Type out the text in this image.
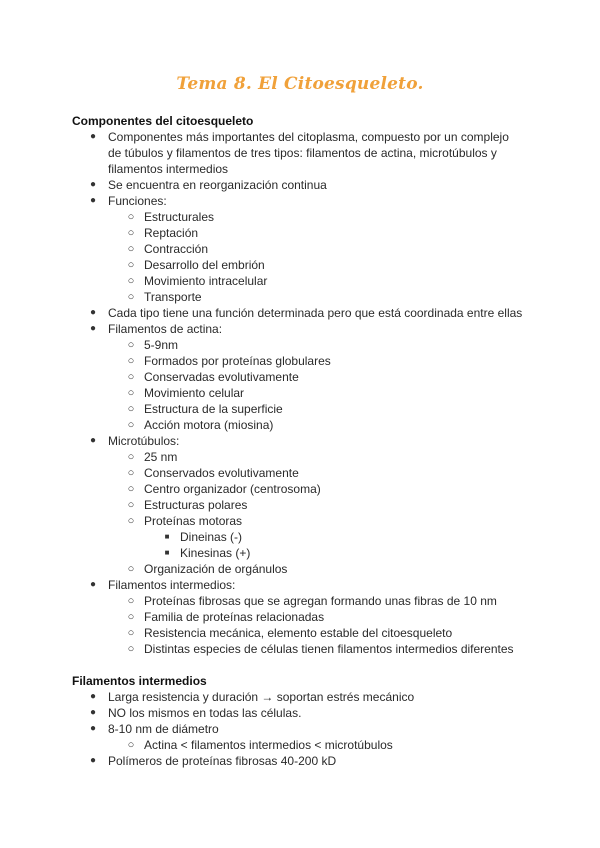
Tema 8. El Citoesqueleto.
Componentes del citoesqueleto
● Componentes más importantes del citoplasma, compuesto por un complejo
de túbulos y filamentos de tres tipos: filamentos de actina, microtúbulos y
filamentos intermedios
● Se encuentra en reorganización continua
● Funciones:
○ Estructurales
○ Reptación
○ Contracción
○ Desarrollo del embrión
○ Movimiento intracelular
○ Transporte
● Cada tipo tiene una función determinada pero que está coordinada entre ellas
● Filamentos de actina:
○ 5-9nm
○ Formados por proteínas globulares
○ Conservadas evolutivamente
○ Movimiento celular
○ Estructura de la superficie
○ Acción motora (miosina)
● Microtúbulos:
○ 25 nm
○ Conservados evolutivamente
○ Centro organizador (centrosoma)
○ Estructuras polares
○ Proteínas motoras
■ Dineinas (-)
■ Kinesinas (+)
○ Organización de orgánulos
● Filamentos intermedios:
○ Proteínas fibrosas que se agregan formando unas fibras de 10 nm
○ Familia de proteínas relacionadas
○ Resistencia mecánica, elemento estable del citoesqueleto
○ Distintas especies de células tienen filamentos intermedios diferentes
Filamentos intermedios
● Larga resistencia y duración → soportan estrés mecánico
● NO los mismos en todas las células.
● 8-10 nm de diámetro
○ Actina < filamentos intermedios < microtúbulos
● Polímeros de proteínas fibrosas 40-200 kD
